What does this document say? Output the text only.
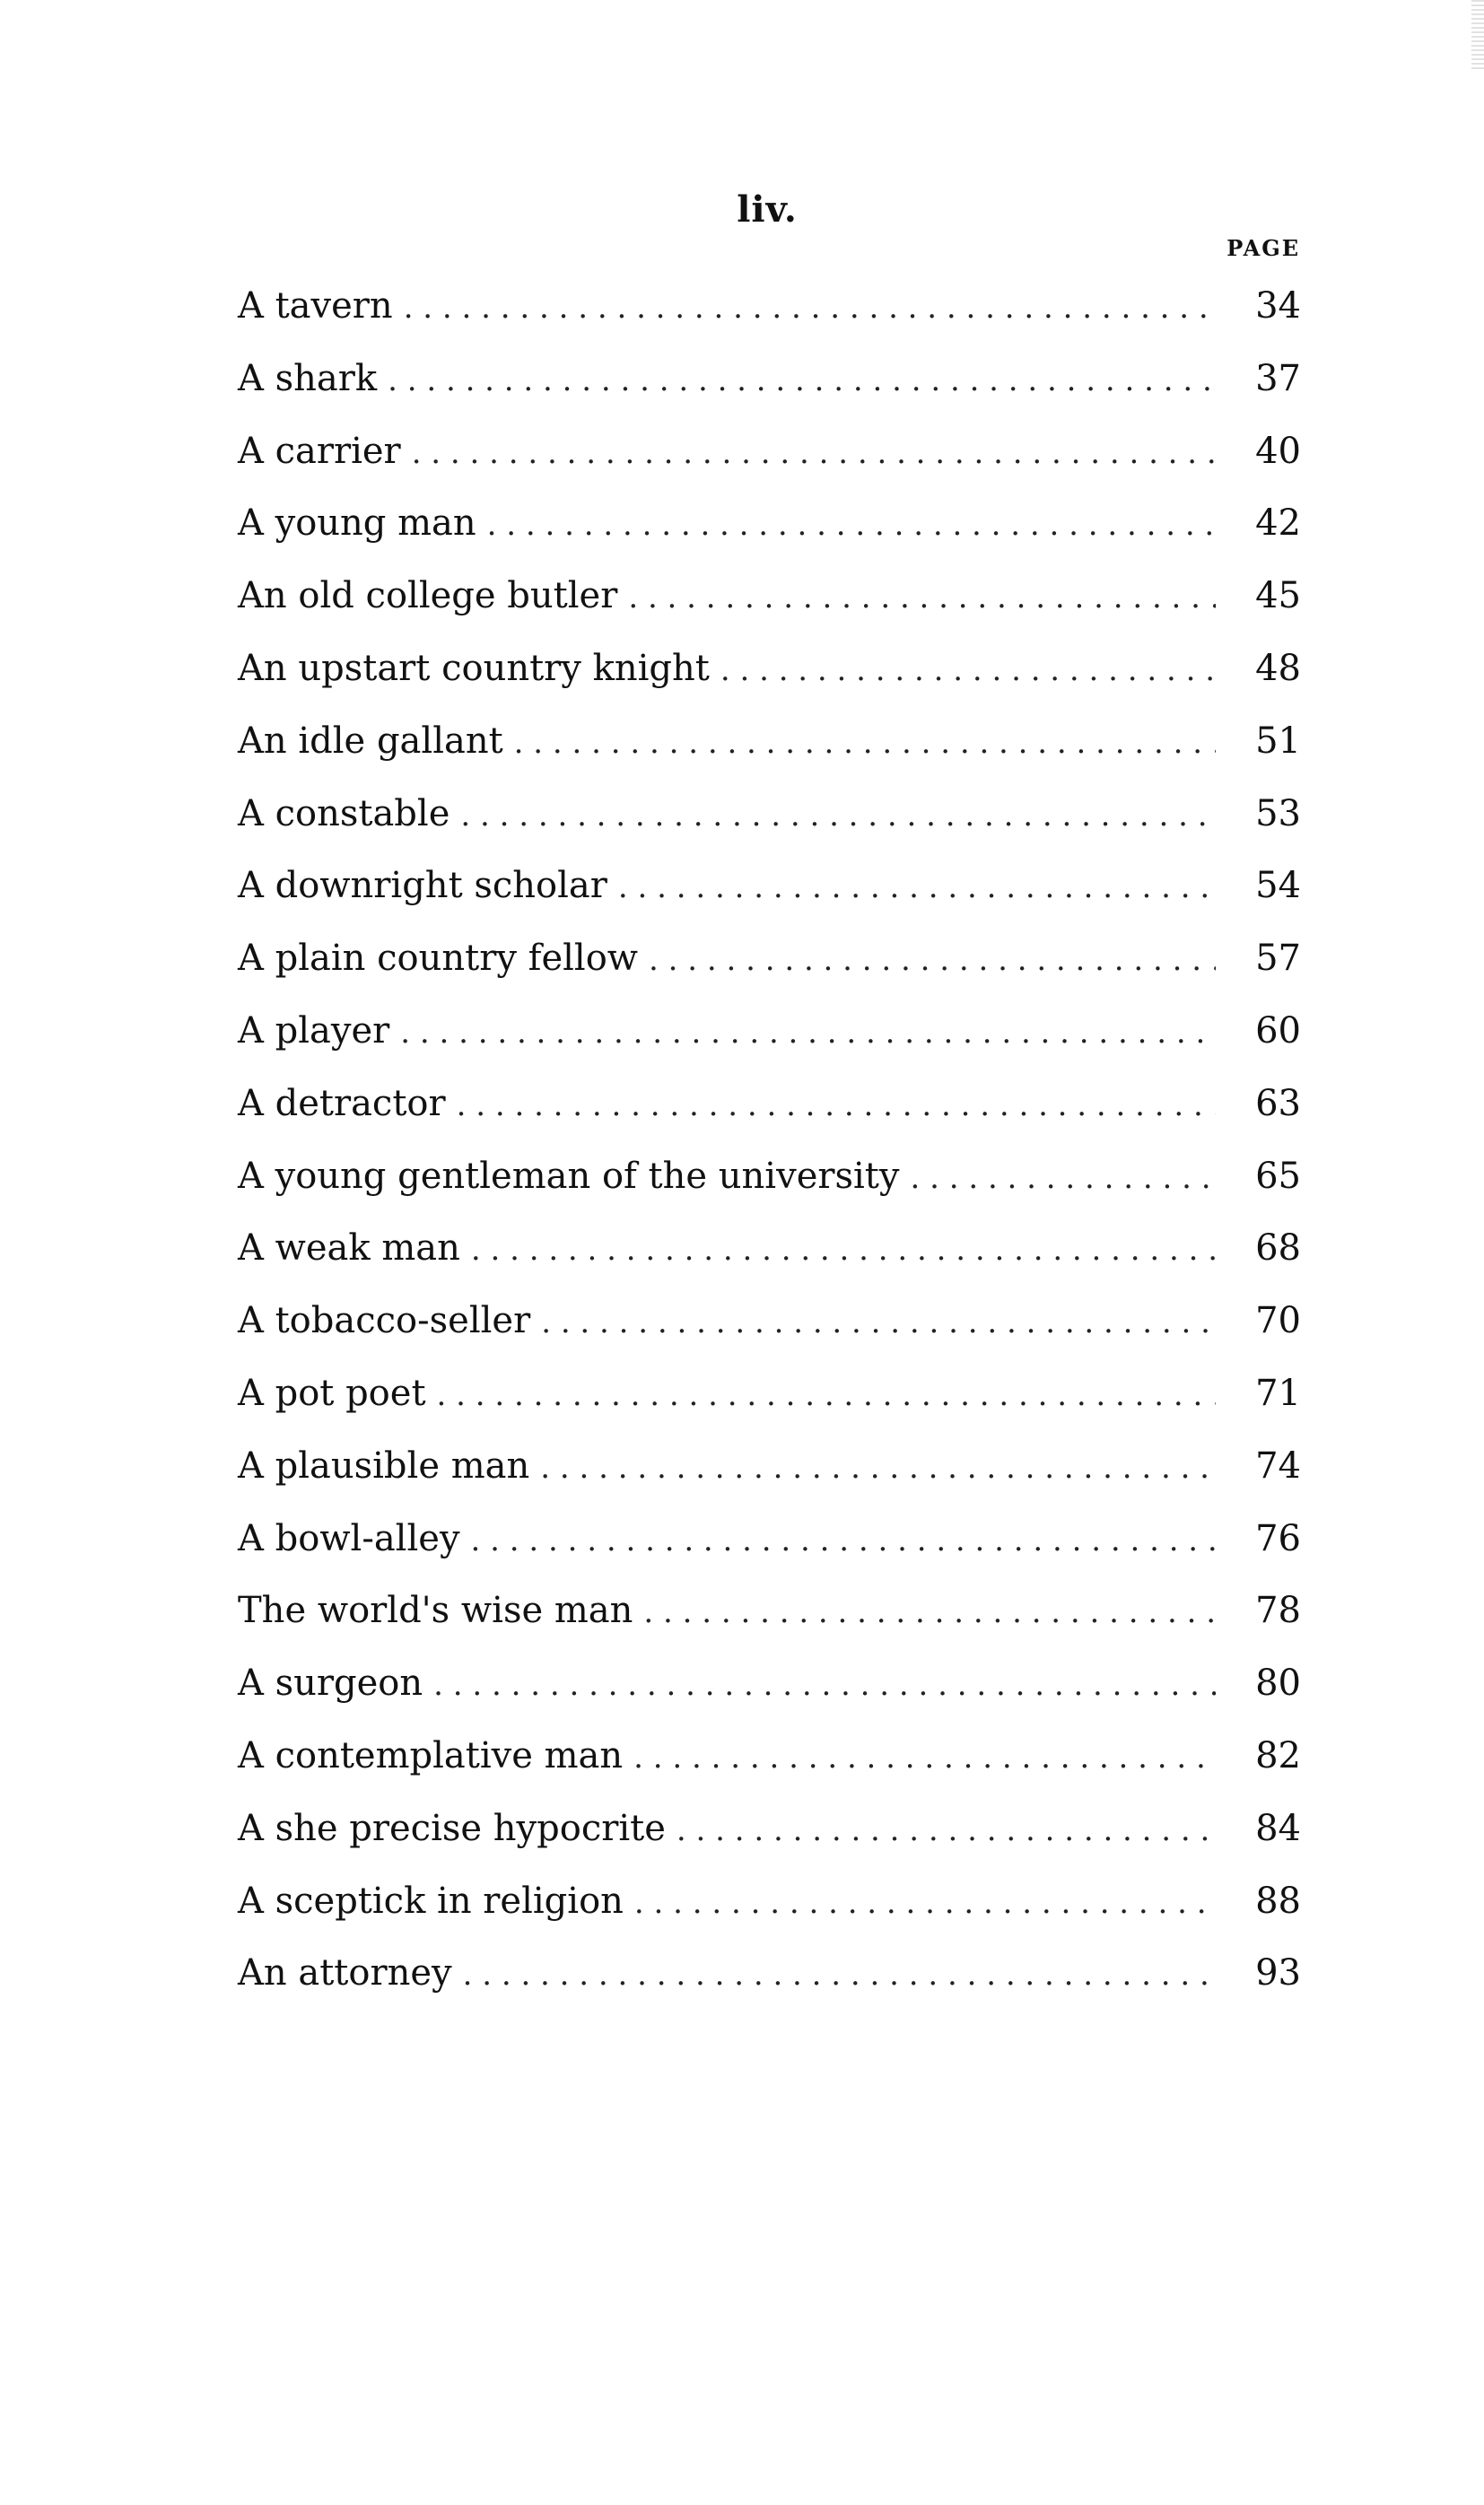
liv.
PAGE
A tavern . . .	34
A shark . . .	37
A carrier . . .	40
A young man . . .	42
An old college butler . . .	45
An upstart country knight . . .	48
An idle gallant . . .	51
A constable . . .	53
A downright scholar . . .	54
A plain country fellow . . .	57
A player . . .	60
A detractor . . .	63
A young gentleman of the university . . .	65
A weak man . . .	68
A tobacco-seller . . .	70
A pot poet . . .	71
A plausible man . . .	74
A bowl-alley . . .	76
The world's wise man . . .	78
A surgeon . . .	80
A contemplative man . . .	82
A she precise hypocrite . . .	84
A sceptick in religion . . .	88
An attorney . . .	93
